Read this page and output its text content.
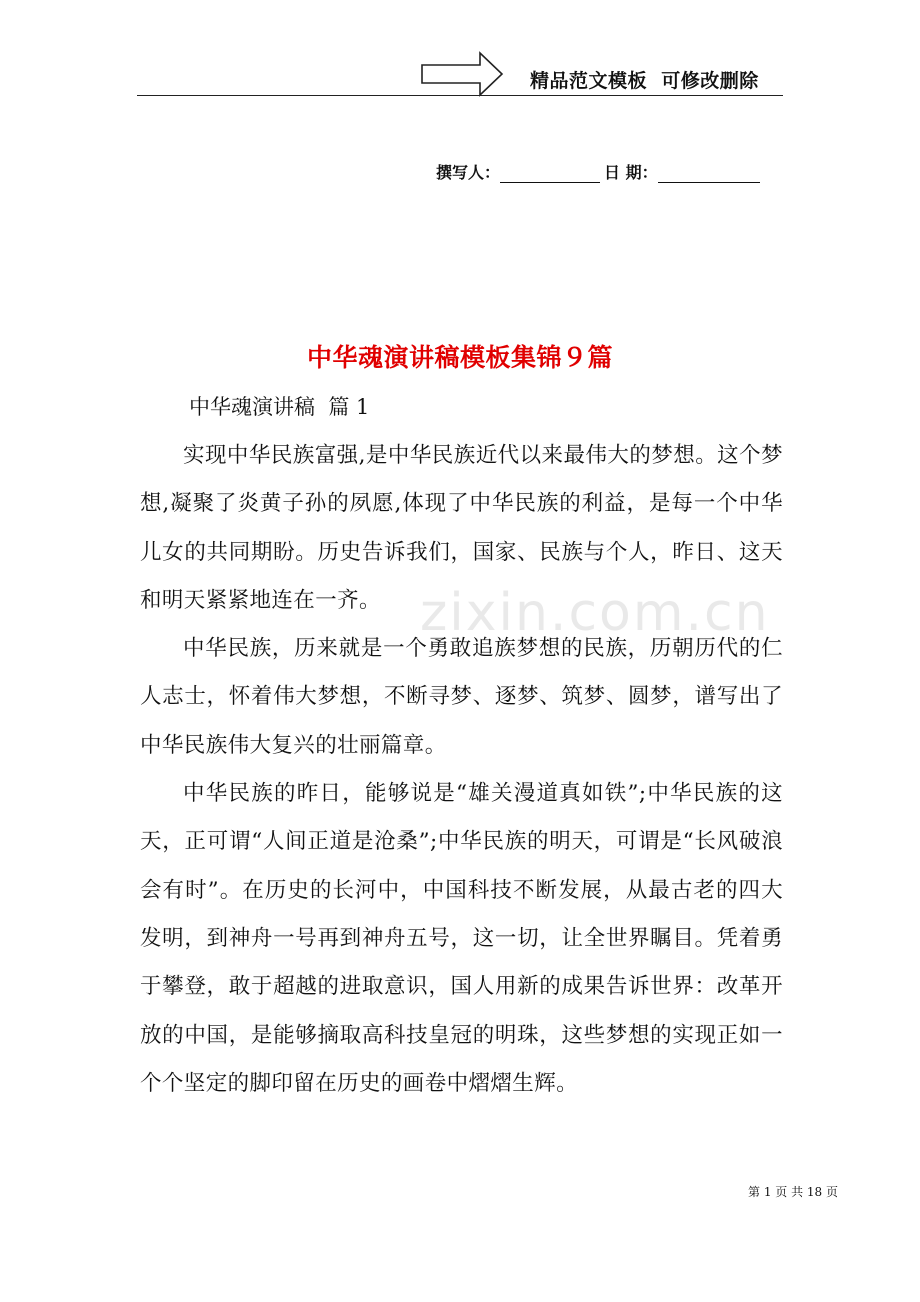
精品范文模板  可修改删除
撰写人：	日 期：
zixin.com.cn
中华魂演讲稿模板集锦９篇
中华魂演讲稿  篇 1

实现中华民族富强,是中华民族近代以来最伟大的梦想。这个梦想,凝聚了炎黄子孙的夙愿,体现了中华民族的利益，是每一个中华儿女的共同期盼。历史告诉我们，国家、民族与个人，昨日、这天和明天紧紧地连在一齐。

中华民族，历来就是一个勇敢追族梦想的民族，历朝历代的仁人志士，怀着伟大梦想，不断寻梦、逐梦、筑梦、圆梦，谱写出了中华民族伟大复兴的壮丽篇章。

中华民族的昨日，能够说是“雄关漫道真如铁”;中华民族的这天，正可谓“人间正道是沧桑”;中华民族的明天，可谓是“长风破浪会有时”。在历史的长河中，中国科技不断发展，从最古老的四大发明，到神舟一号再到神舟五号，这一切，让全世界瞩目。凭着勇于攀登，敢于超越的进取意识，国人用新的成果告诉世界：改革开放的中国，是能够摘取高科技皇冠的明珠，这些梦想的实现正如一个个坚定的脚印留在历史的画卷中熠熠生辉。

第 1 页 共 18 页
